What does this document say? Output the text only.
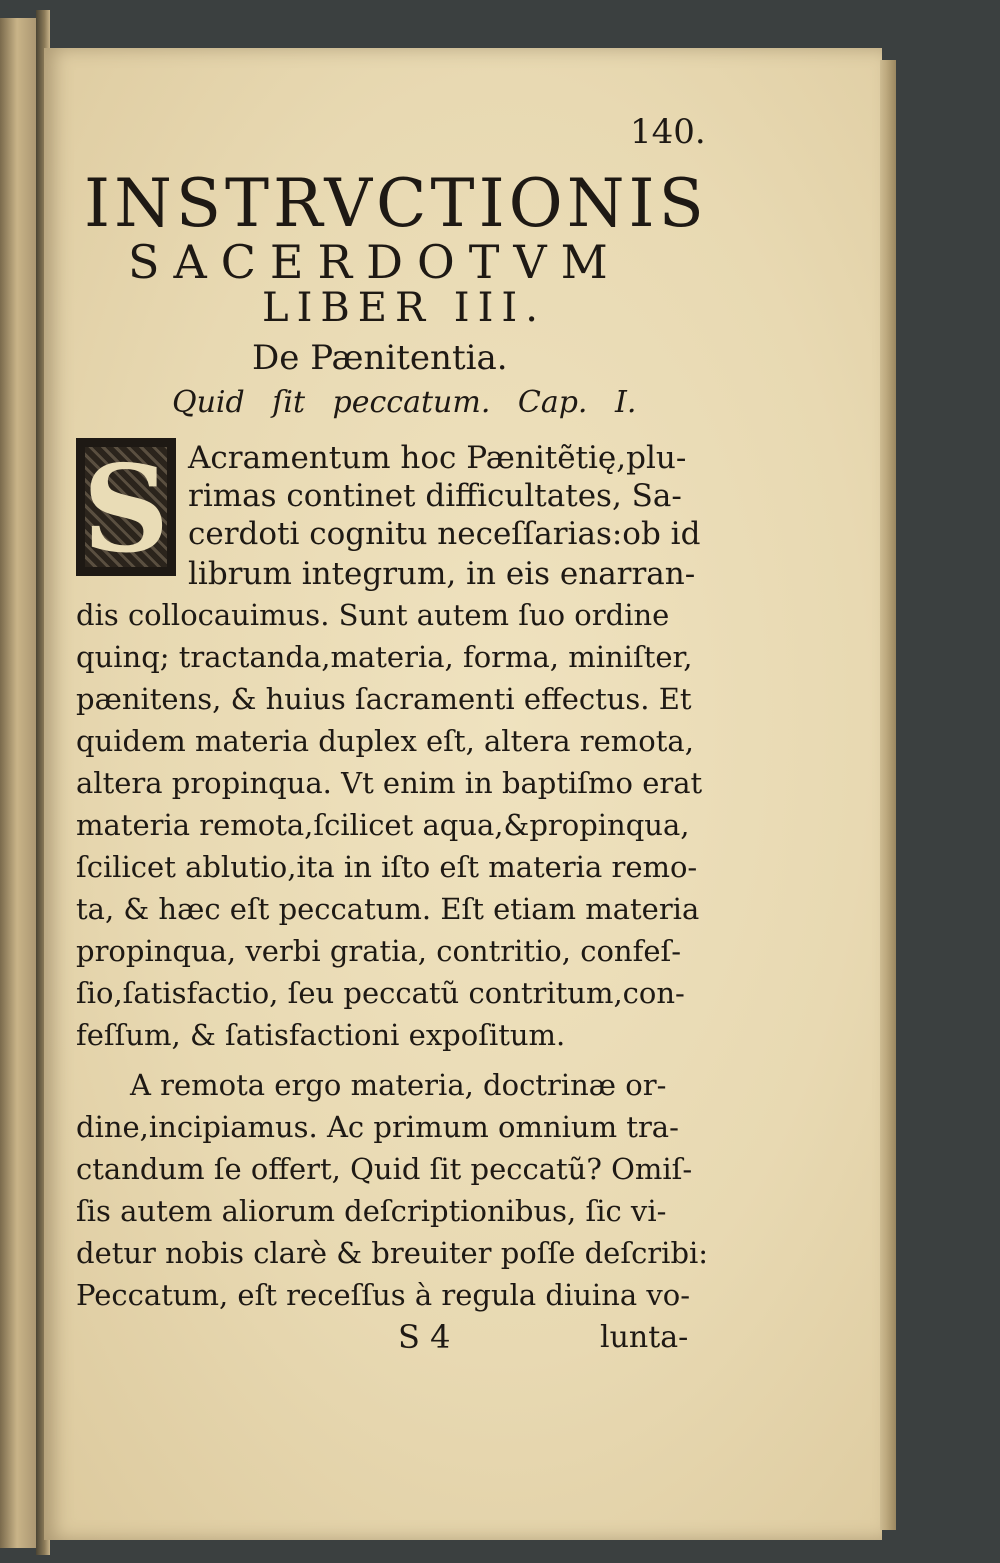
140.
INSTRVCTIONIS
SACERDOTVM
LIBER III.
De Pænitentia.
Quid ſit peccatum. Cap. I.
S Acramentum hoc Pænitẽtię,plu-
rimas continet difficultates, Sa-
cerdoti cognitu neceſſarias:ob id
librum integrum, in eis enarran-
dis collocauimus. Sunt autem ſuo ordine
quinq; tractanda,materia, forma, miniſter,
pænitens, & huius ſacramenti effectus. Et
quidem materia duplex eſt, altera remota,
altera propinqua. Vt enim in baptiſmo erat
materia remota,ſcilicet aqua,&propinqua,
ſcilicet ablutio,ita in iſto eſt materia remo-
ta, & hæc eſt peccatum. Eſt etiam materia
propinqua, verbi gratia, contritio, confeſ-
ſio,ſatisfactio, ſeu peccatũ contritum,con-
feſſum, & ſatisfactioni expoſitum.
A remota ergo materia, doctrinæ or-
dine,incipiamus. Ac primum omnium tra-
ctandum ſe offert, Quid ſit peccatũ? Omiſ-
ſis autem aliorum deſcriptionibus, ſic vi-
detur nobis clarè & breuiter poſſe deſcribi:
Peccatum, eſt receſſus à regula diuina vo-
S 4	lunta-
